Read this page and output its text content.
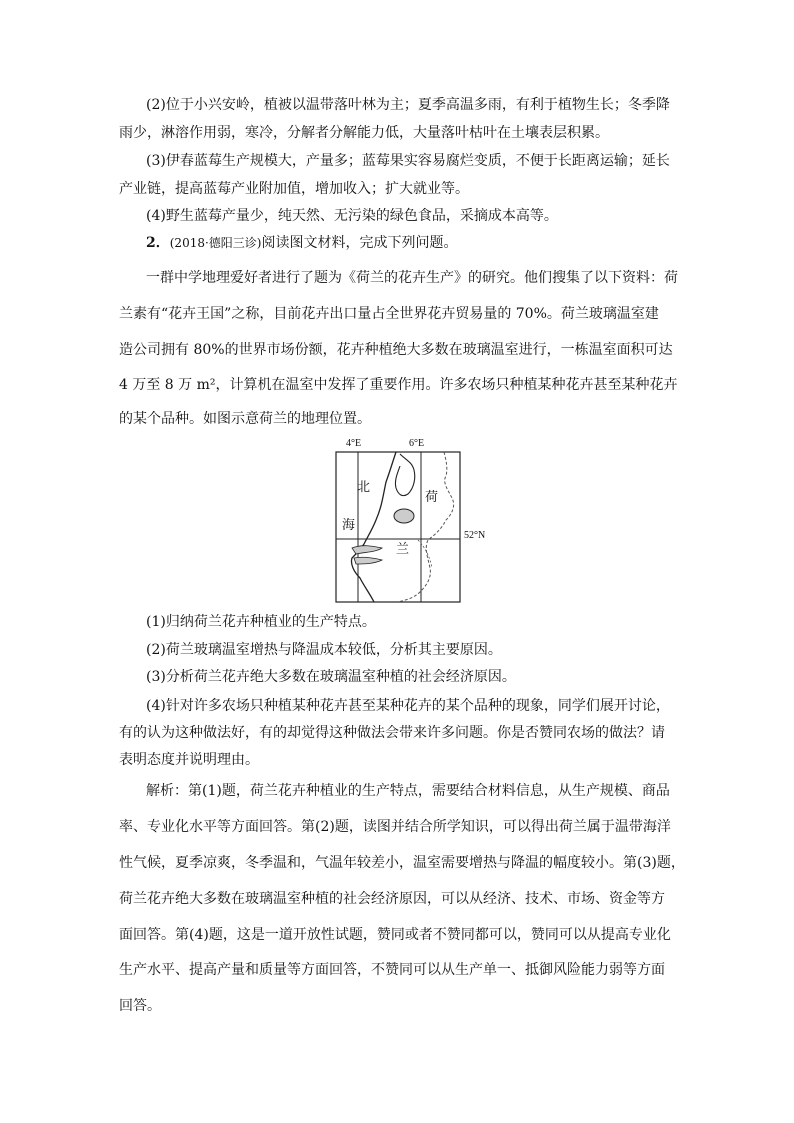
(2)位于小兴安岭，植被以温带落叶林为主；夏季高温多雨，有利于植物生长；冬季降
雨少，淋溶作用弱，寒冷，分解者分解能力低，大量落叶枯叶在土壤表层积累。
(3)伊春蓝莓生产规模大，产量多；蓝莓果实容易腐烂变质，不便于长距离运输；延长
产业链，提高蓝莓产业附加值，增加收入；扩大就业等。
(4)野生蓝莓产量少，纯天然、无污染的绿色食品，采摘成本高等。
2．(2018·德阳三诊)阅读图文材料，完成下列问题。
一群中学地理爱好者进行了题为《荷兰的花卉生产》的研究。他们搜集了以下资料：荷
兰素有“花卉王国”之称，目前花卉出口量占全世界花卉贸易量的 70%。荷兰玻璃温室建
造公司拥有 80%的世界市场份额，花卉种植绝大多数在玻璃温室进行，一栋温室面积可达
4 万至 8 万 m²，计算机在温室中发挥了重要作用。许多农场只种植某种花卉甚至某种花卉
的某个品种。如图示意荷兰的地理位置。
4°E	6°E
北
海
荷
兰
52°N
(1)归纳荷兰花卉种植业的生产特点。
(2)荷兰玻璃温室增热与降温成本较低，分析其主要原因。
(3)分析荷兰花卉绝大多数在玻璃温室种植的社会经济原因。
(4)针对许多农场只种植某种花卉甚至某种花卉的某个品种的现象，同学们展开讨论，
有的认为这种做法好，有的却觉得这种做法会带来许多问题。你是否赞同农场的做法？请
表明态度并说明理由。
解析：第(1)题，荷兰花卉种植业的生产特点，需要结合材料信息，从生产规模、商品
率、专业化水平等方面回答。第(2)题，读图并结合所学知识，可以得出荷兰属于温带海洋
性气候，夏季凉爽，冬季温和，气温年较差小，温室需要增热与降温的幅度较小。第(3)题，
荷兰花卉绝大多数在玻璃温室种植的社会经济原因，可以从经济、技术、市场、资金等方
面回答。第(4)题，这是一道开放性试题，赞同或者不赞同都可以，赞同可以从提高专业化
生产水平、提高产量和质量等方面回答，不赞同可以从生产单一、抵御风险能力弱等方面
回答。
